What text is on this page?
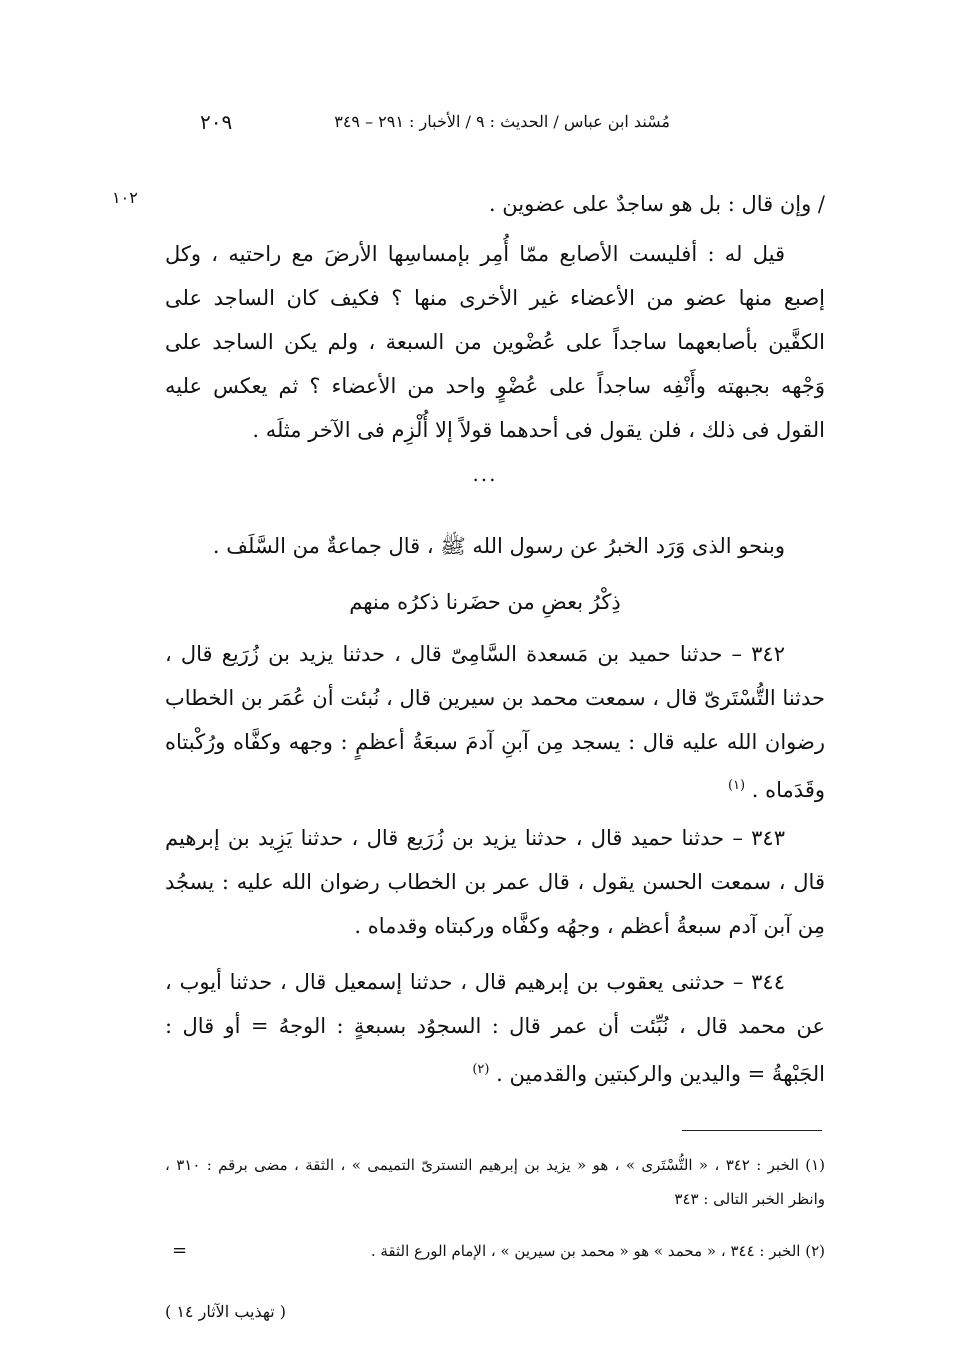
مُسْند ابن عباس / الحديث : ٩ / الأخبار : ٢٩١ – ٣٤٩
٢٠٩
١٠٢	/ وإن قال : بل هو ساجدٌ على عضوين .
قيل له : أفليست الأصابع ممّا أُمِر بإمساسِها الأرضَ مع راحتيه ، وكل إصبع منها عضو من الأعضاء غير الأخرى منها ؟ فكيف كان الساجد على الكفَّين بأصابعهما ساجداً على عُضْوين من السبعة ، ولم يكن الساجد على وَجْهه بجبهته وأَنْفِه ساجداً على عُضْوٍ واحد من الأعضاء ؟ ثم يعكس عليه القول فى ذلك ، فلن يقول فى أحدهما قولاً إلا أُلْزِم فى الآخر مثلَه .
...
وبنحو الذى وَرَد الخبرُ عن رسول الله ﷺ ، قال جماعةٌ من السَّلَف .
ذِكْرُ بعضِ من حضَرنا ذكرُه منهم
٣٤٢ – حدثنا حميد بن مَسعدة السَّامِىّ قال ، حدثنا يزيد بن زُرَيع قال ، حدثنا التُّسْتَرىّ قال ، سمعت محمد بن سيرين قال ، نُبئت أن عُمَر بن الخطاب رضوان الله عليه قال : يسجد مِن آبنِ آدمَ سبعَةُ أعظمٍ : وجهه وكفَّاه ورُكْبتاه وقَدَماه . $^{(١)}$
٣٤٣ – حدثنا حميد قال ، حدثنا يزيد بن زُرَيع قال ، حدثنا يَزِيد بن إبرهيم قال ، سمعت الحسن يقول ، قال عمر بن الخطاب رضوان الله عليه : يسجُد مِن آبن آدم سبعةُ أعظم ، وجهُه وكفَّاه وركبتاه وقدماه .
٣٤٤ – حدثنى يعقوب بن إبرهيم قال ، حدثنا إسمعيل قال ، حدثنا أيوب ، عن محمد قال ، نُبِّئت أن عمر قال : السجوُد بسبعةٍ : الوجهُ = أو قال : الجَبْهةُ = واليدين والركبتين والقدمين . $^{(٢)}$
(١) الخبر : ٣٤٢ ، « التُّسْتَرى » ، هو « يزيد بن إبرهيم التسترىّ التميمى » ، الثقة ، مضى برقم : ٣١٠ ، وانظر الخبر التالى : ٣٤٣
(٢) الخبر : ٣٤٤ ، « محمد » هو « محمد بن سيرين » ، الإمام الورع الثقة .
=
( تهذيب الآثار ١٤ )
